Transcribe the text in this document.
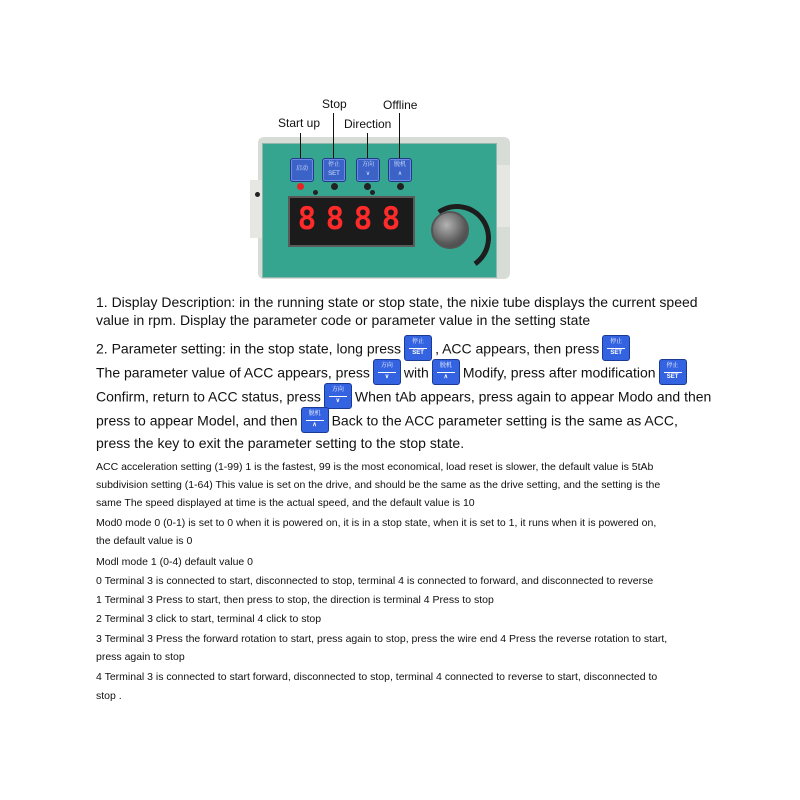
Stop	Offline
Start up Direction
启动
停止
SET
方向
∨
脱机
∧
8 8 8 8
1. Display Description: in the running state or stop state, the nixie tube displays the current speed
value in rpm. Display the parameter code or parameter value in the setting state
2. Parameter setting: in the stop state, long press	停止
SET , ACC appears, then press	停止
SET
The parameter value of ACC appears, press	方向
∨	with	脱机
∧	Modify, press after modification	停止
SET
Confirm, return to ACC status, press	方向
∨	When tAb appears, press again to appear Modo and then
press to appear Model, and then	脱机
∧	Back to the ACC parameter setting is the same as ACC,
press the key to exit the parameter setting to the stop state.
ACC acceleration setting (1-99) 1 is the fastest, 99 is the most economical, load reset is slower, the default value is 5tAb
subdivision setting (1-64) This value is set on the drive, and should be the same as the drive setting, and the setting is the
same The speed displayed at time is the actual speed, and the default value is 10
Mod0 mode 0 (0-1) is set to 0 when it is powered on, it is in a stop state, when it is set to 1, it runs when it is powered on,
the default value is 0
Modl mode 1 (0-4) default value 0
0 Terminal 3 is connected to start, disconnected to stop, terminal 4 is connected to forward, and disconnected to reverse
1 Terminal 3 Press to start, then press to stop, the direction is terminal 4 Press to stop
2 Terminal 3 click to start, terminal 4 click to stop
3 Terminal 3 Press the forward rotation to start, press again to stop, press the wire end 4 Press the reverse rotation to start,
press again to stop
4 Terminal 3 is connected to start forward, disconnected to stop, terminal 4 connected to reverse to start, disconnected to
stop .
